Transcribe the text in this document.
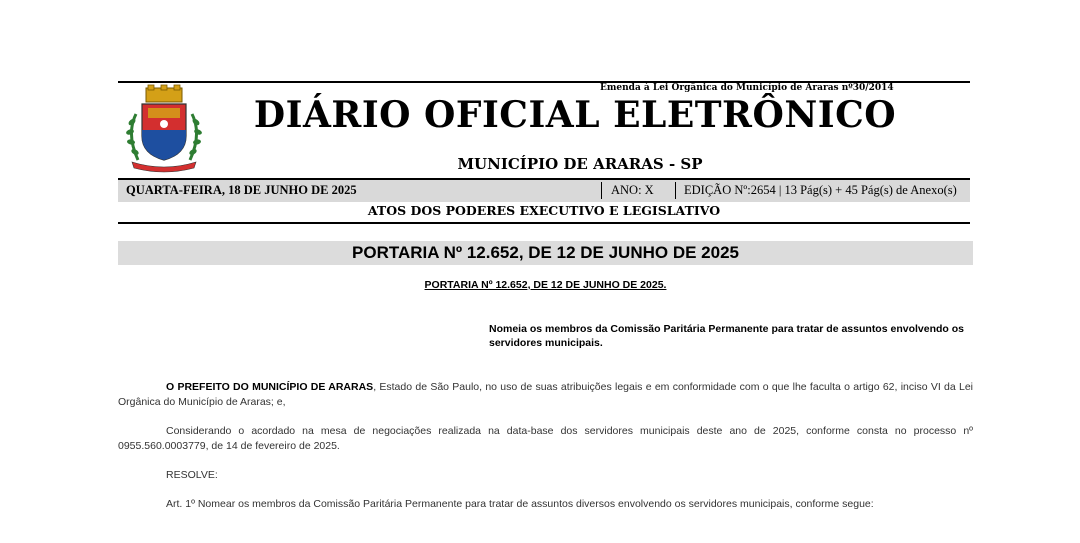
Emenda à Lei Orgânica do Município de Araras nº30/2014
DIÁRIO OFICIAL ELETRÔNICO
MUNICÍPIO DE ARARAS - SP
QUARTA-FEIRA, 18 DE JUNHO DE 2025	ANO: X EDIÇÃO Nº:2654 | 13 Pág(s) + 45 Pág(s) de Anexo(s)
ATOS DOS PODERES EXECUTIVO E LEGISLATIVO
PORTARIA Nº 12.652, DE 12 DE JUNHO DE 2025
PORTARIA Nº 12.652, DE 12 DE JUNHO DE 2025.
Nomeia os membros da Comissão Paritária Permanente para tratar de assuntos envolvendo os servidores municipais.
O PREFEITO DO MUNICÍPIO DE ARARAS, Estado de São Paulo, no uso de suas atribuições legais e em conformidade com o que lhe faculta o artigo 62, inciso VI da Lei Orgânica do Município de Araras; e,
Considerando o acordado na mesa de negociações realizada na data-base dos servidores municipais deste ano de 2025, conforme consta no processo nº 0955.560.0003779, de 14 de fevereiro de 2025.
RESOLVE:
Art. 1º Nomear os membros da Comissão Paritária Permanente para tratar de assuntos diversos envolvendo os servidores municipais, conforme segue:
